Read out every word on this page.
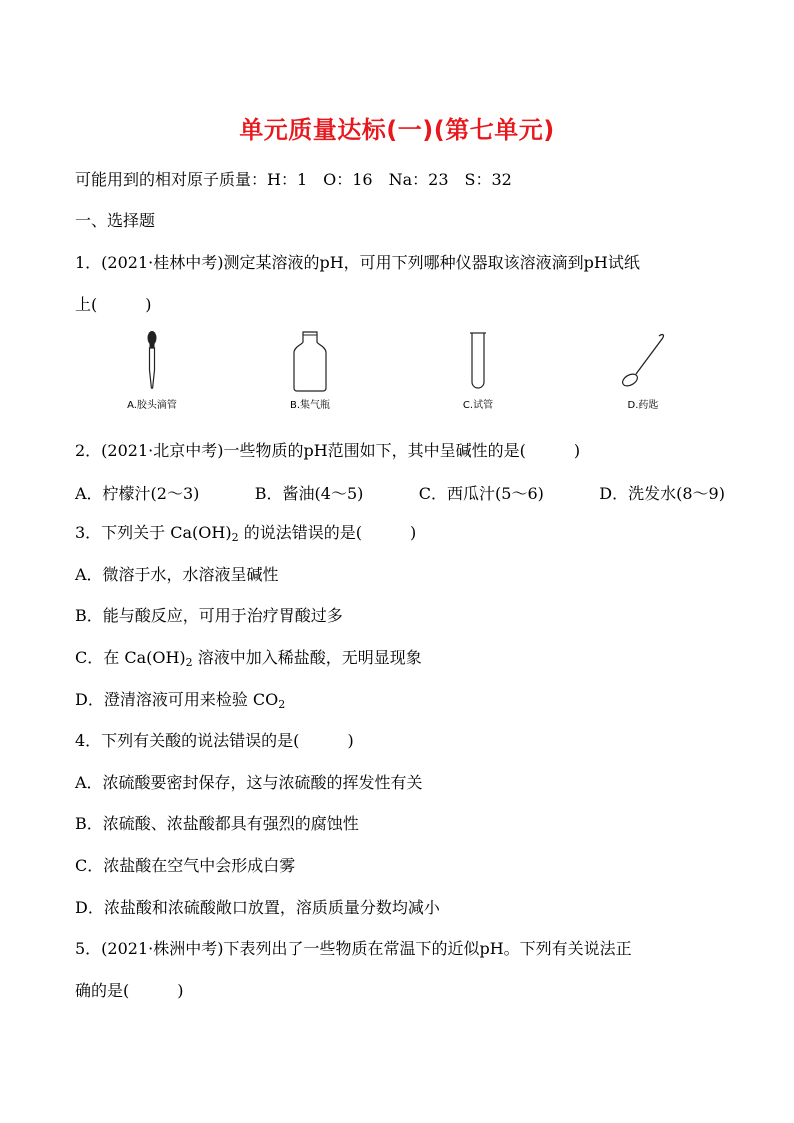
单元质量达标(一)(第七单元)
可能用到的相对原子质量：H：1　O：16　Na：23　S：32
一、选择题
1．(2021·桂林中考)测定某溶液的pH，可用下列哪种仪器取该溶液滴到pH试纸
上(	)
A.胶头滴管	B.集气瓶	C.试管	D.药匙
2．(2021·北京中考)一些物质的pH范围如下，其中呈碱性的是(	)
A．柠檬汁(2～3)	B．酱油(4～5)	C．西瓜汁(5～6)	D．洗发水(8～9)
3．下列关于 $Ca(OH)_2$ 的说法错误的是(	)
A．微溶于水，水溶液呈碱性
B．能与酸反应，可用于治疗胃酸过多
C．在 $Ca(OH)_2$ 溶液中加入稀盐酸，无明显现象
D．澄清溶液可用来检验 $CO_2$
4．下列有关酸的说法错误的是(	)
A．浓硫酸要密封保存，这与浓硫酸的挥发性有关
B．浓硫酸、浓盐酸都具有强烈的腐蚀性
C．浓盐酸在空气中会形成白雾
D．浓盐酸和浓硫酸敞口放置，溶质质量分数均减小
5．(2021·株洲中考)下表列出了一些物质在常温下的近似pH。下列有关说法正
确的是(	)
